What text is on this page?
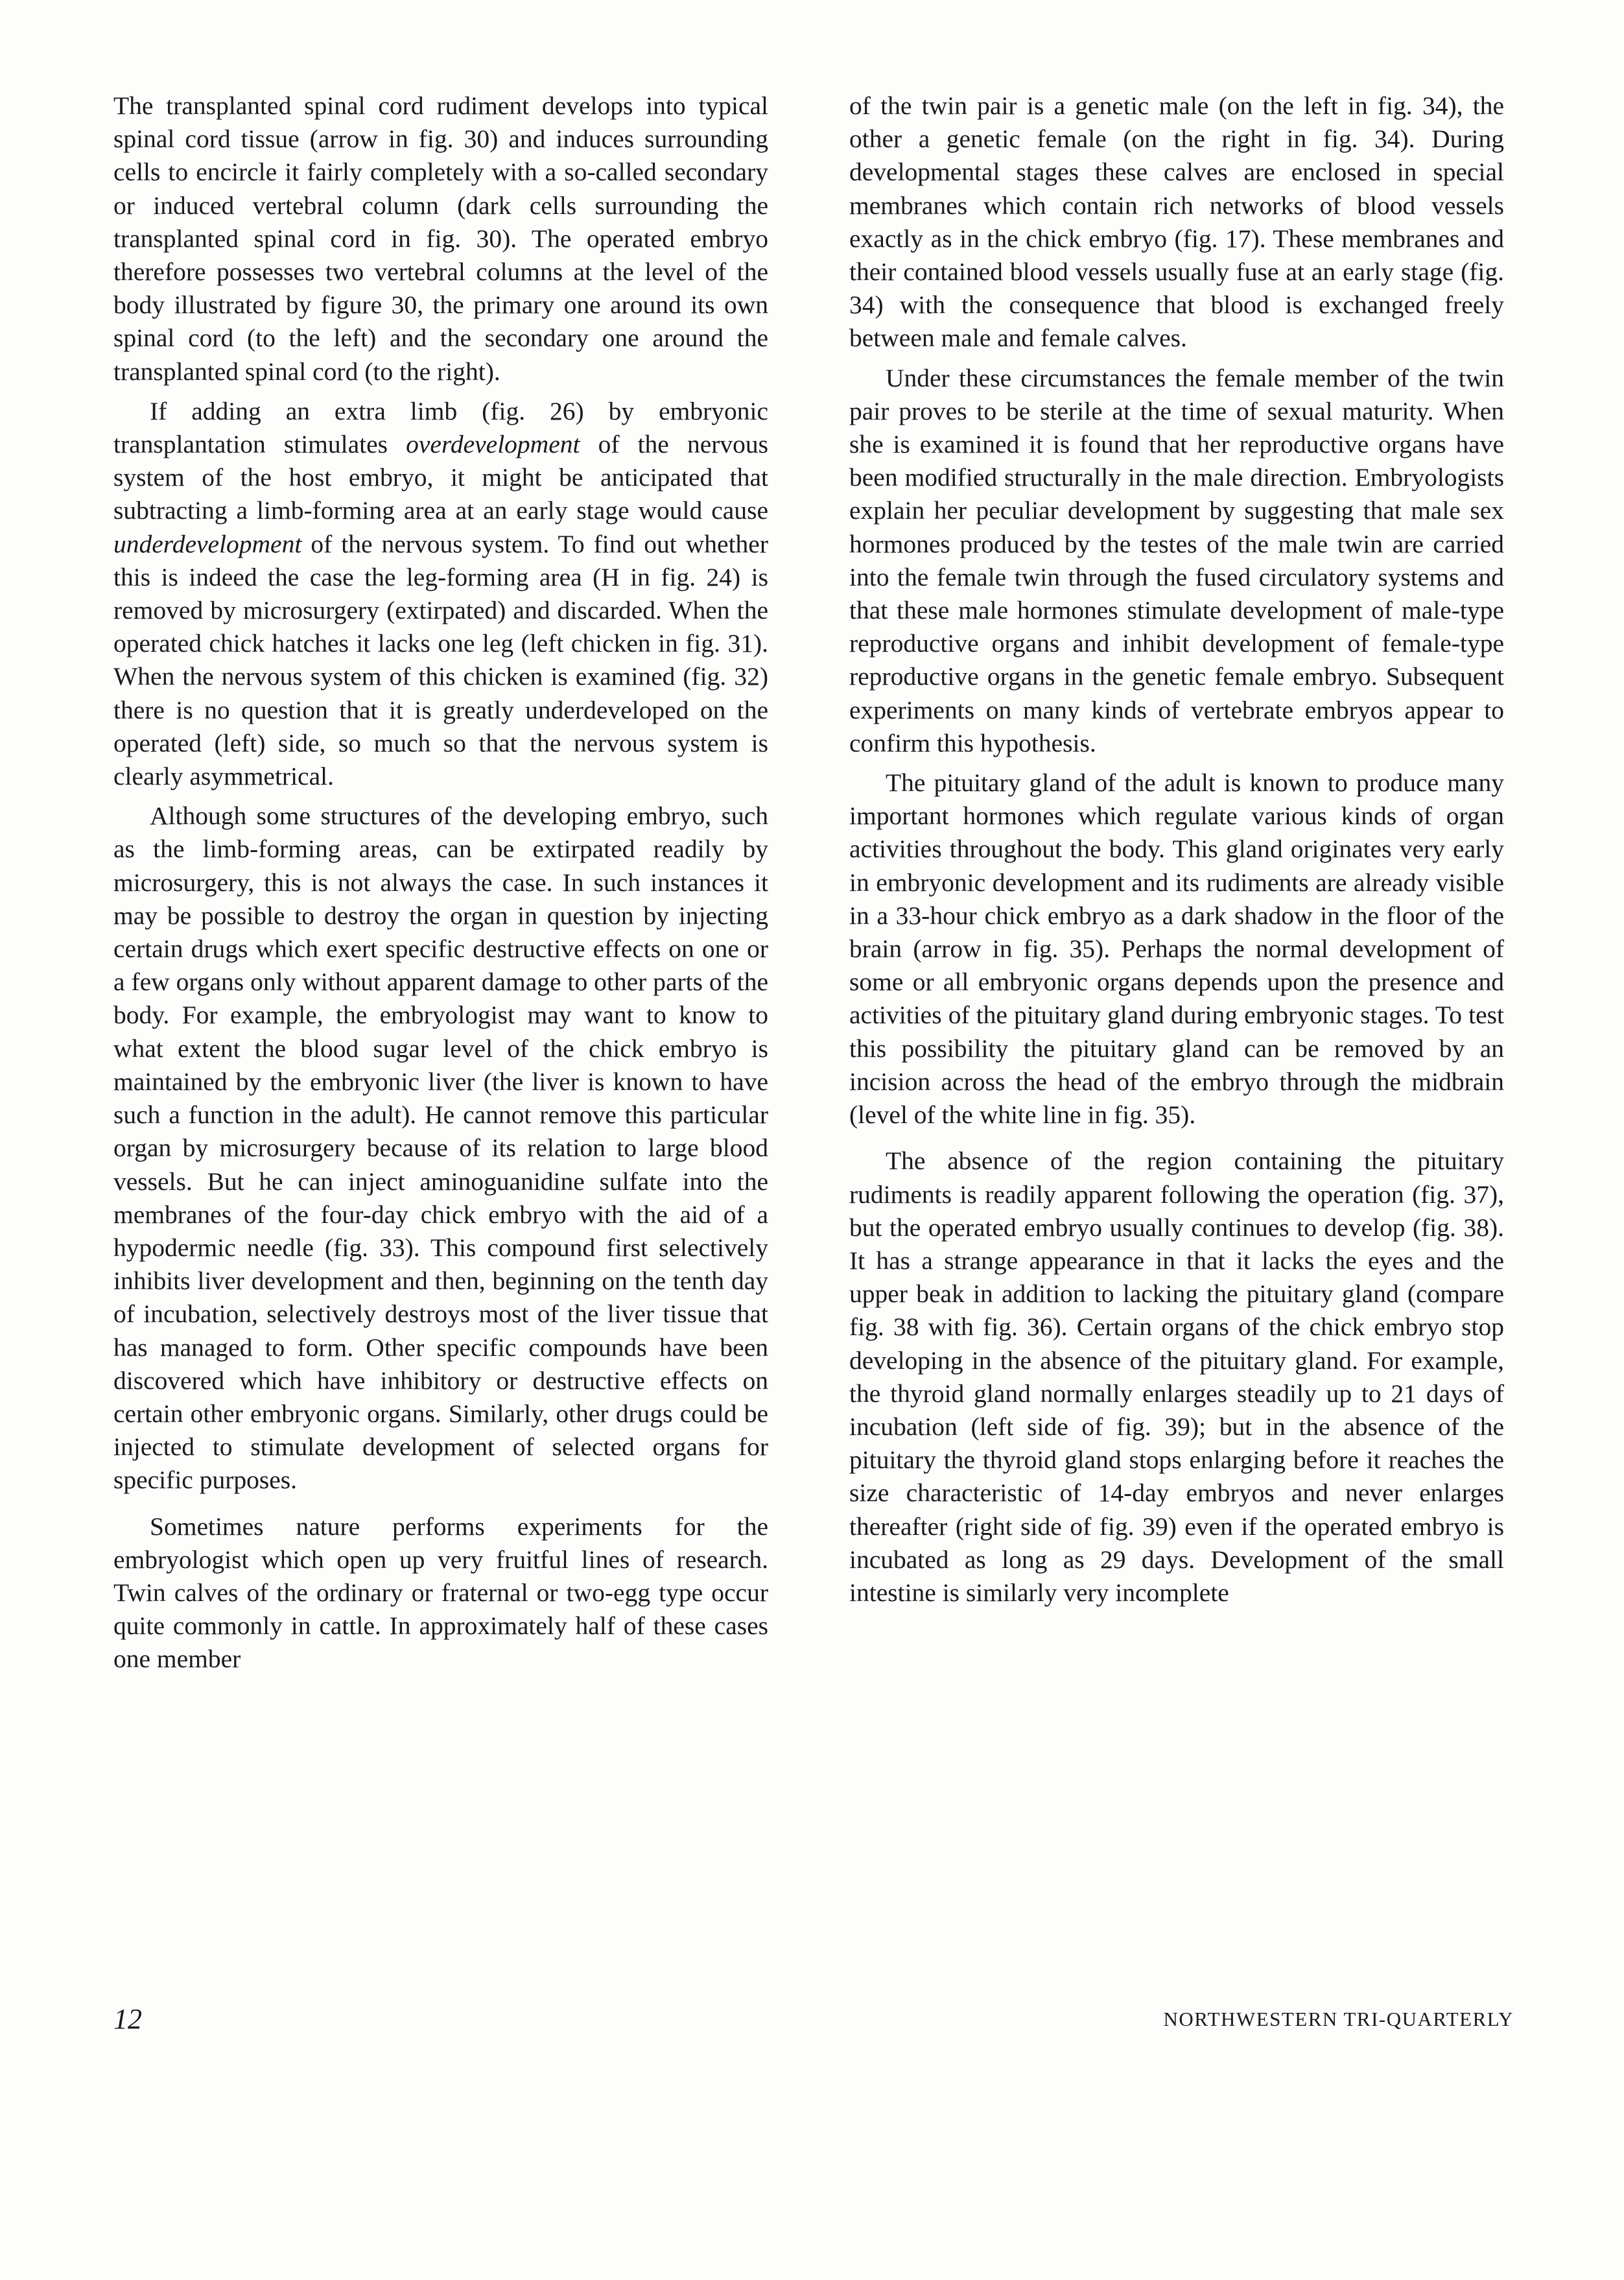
The transplanted spinal cord rudiment develops into typical spinal cord tissue (arrow in fig. 30) and induces surrounding cells to encircle it fairly completely with a so-called secondary or induced vertebral column (dark cells surrounding the transplanted spinal cord in fig. 30). The operated embryo therefore possesses two vertebral columns at the level of the body illustrated by figure 30, the primary one around its own spinal cord (to the left) and the secondary one around the transplanted spinal cord (to the right).

If adding an extra limb (fig. 26) by embryonic transplantation stimulates overdevelopment of the nervous system of the host embryo, it might be anticipated that subtracting a limb-forming area at an early stage would cause underdevelopment of the nervous system. To find out whether this is indeed the case the leg-forming area (H in fig. 24) is removed by microsurgery (extirpated) and discarded. When the operated chick hatches it lacks one leg (left chicken in fig. 31). When the nervous system of this chicken is examined (fig. 32) there is no question that it is greatly underdeveloped on the operated (left) side, so much so that the nervous system is clearly asymmetrical.

Although some structures of the developing embryo, such as the limb-forming areas, can be extirpated readily by microsurgery, this is not always the case. In such instances it may be possible to destroy the organ in question by injecting certain drugs which exert specific destructive effects on one or a few organs only without apparent damage to other parts of the body. For example, the embryologist may want to know to what extent the blood sugar level of the chick embryo is maintained by the embryonic liver (the liver is known to have such a function in the adult). He cannot remove this particular organ by microsurgery because of its relation to large blood vessels. But he can inject aminoguanidine sulfate into the membranes of the four-day chick embryo with the aid of a hypodermic needle (fig. 33). This compound first selectively inhibits liver development and then, beginning on the tenth day of incubation, selectively destroys most of the liver tissue that has managed to form. Other specific compounds have been discovered which have inhibitory or destructive effects on certain other embryonic organs. Similarly, other drugs could be injected to stimulate development of selected organs for specific purposes.

Sometimes nature performs experiments for the embryologist which open up very fruitful lines of research. Twin calves of the ordinary or fraternal or two-egg type occur quite commonly in cattle. In approximately half of these cases one member

of the twin pair is a genetic male (on the left in fig. 34), the other a genetic female (on the right in fig. 34). During developmental stages these calves are enclosed in special membranes which contain rich networks of blood vessels exactly as in the chick embryo (fig. 17). These membranes and their contained blood vessels usually fuse at an early stage (fig. 34) with the consequence that blood is exchanged freely between male and female calves.

Under these circumstances the female member of the twin pair proves to be sterile at the time of sexual maturity. When she is examined it is found that her reproductive organs have been modified structurally in the male direction. Embryologists explain her peculiar development by suggesting that male sex hormones produced by the testes of the male twin are carried into the female twin through the fused circulatory systems and that these male hormones stimulate development of male-type reproductive organs and inhibit development of female-type reproductive organs in the genetic female embryo. Subsequent experiments on many kinds of vertebrate embryos appear to confirm this hypothesis.

The pituitary gland of the adult is known to produce many important hormones which regulate various kinds of organ activities throughout the body. This gland originates very early in embryonic development and its rudiments are already visible in a 33-hour chick embryo as a dark shadow in the floor of the brain (arrow in fig. 35). Perhaps the normal development of some or all embryonic organs depends upon the presence and activities of the pituitary gland during embryonic stages. To test this possibility the pituitary gland can be removed by an incision across the head of the embryo through the midbrain (level of the white line in fig. 35).

The absence of the region containing the pituitary rudiments is readily apparent following the operation (fig. 37), but the operated embryo usually continues to develop (fig. 38). It has a strange appearance in that it lacks the eyes and the upper beak in addition to lacking the pituitary gland (compare fig. 38 with fig. 36). Certain organs of the chick embryo stop developing in the absence of the pituitary gland. For example, the thyroid gland normally enlarges steadily up to 21 days of incubation (left side of fig. 39); but in the absence of the pituitary the thyroid gland stops enlarging before it reaches the size characteristic of 14-day embryos and never enlarges thereafter (right side of fig. 39) even if the operated embryo is incubated as long as 29 days. Development of the small intestine is similarly very incomplete

12	NORTHWESTERN TRI-QUARTERLY
